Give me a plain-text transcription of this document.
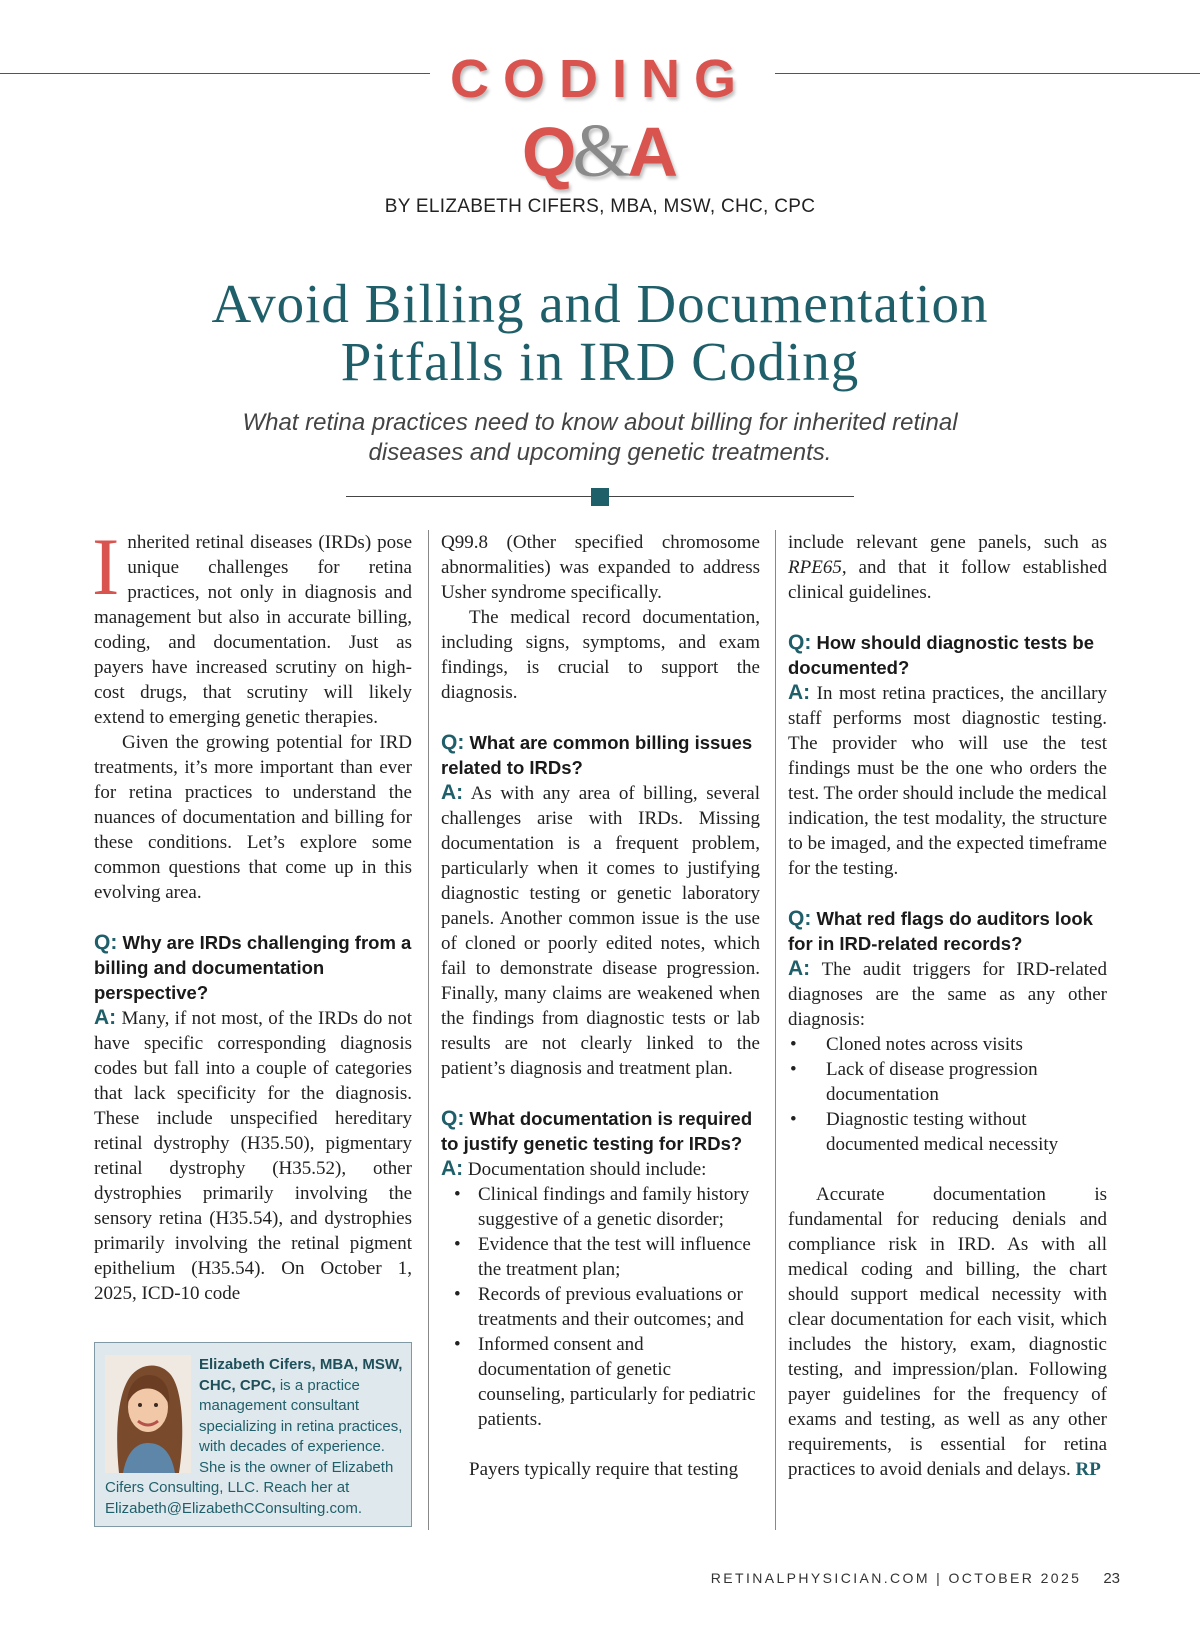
CODING
Q&A
BY ELIZABETH CIFERS, MBA, MSW, CHC, CPC
Avoid Billing and Documentation
Pitfalls in IRD Coding
What retina practices need to know about billing for inherited retinal diseases and upcoming genetic treatments.

Inherited retinal diseases (IRDs) pose unique challenges for retina practices, not only in diagnosis and management but also in accurate billing, coding, and documentation. Just as payers have increased scrutiny on high-cost drugs, that scrutiny will likely extend to emerging genetic therapies.

Given the growing potential for IRD treatments, it’s more important than ever for retina practices to understand the nuances of documentation and billing for these conditions. Let’s explore some common questions that come up in this evolving area.

Q: Why are IRDs challenging from a billing and documentation perspective?

A: Many, if not most, of the IRDs do not have specific corresponding diagnosis codes but fall into a couple of categories that lack specificity for the diagnosis. These include unspecified hereditary retinal dystrophy (H35.50), pigmentary retinal dystrophy (H35.52), other dystrophies primarily involving the sensory retina (H35.54), and dystrophies primarily involving the retinal pigment epithelium (H35.54). On October 1, 2025, ICD-10 code

Elizabeth Cifers, MBA, MSW, CHC, CPC, is a practice management consultant specializing in retina practices, with decades of experience. She is the owner of Elizabeth Cifers Consulting, LLC. Reach her at Elizabeth@ElizabethCConsulting.com.

Q99.8 (Other specified chromosome abnormalities) was expanded to address Usher syndrome specifically.

The medical record documentation, including signs, symptoms, and exam findings, is crucial to support the diagnosis.

Q: What are common billing issues related to IRDs?

A: As with any area of billing, several challenges arise with IRDs. Missing documentation is a frequent problem, particularly when it comes to justifying diagnostic testing or genetic laboratory panels. Another common issue is the use of cloned or poorly edited notes, which fail to demonstrate disease progression. Finally, many claims are weakened when the findings from diagnostic tests or lab results are not clearly linked to the patient’s diagnosis and treatment plan.

Q: What documentation is required to justify genetic testing for IRDs?

A: Documentation should include:

• Clinical findings and family history suggestive of a genetic disorder;
• Evidence that the test will influence the treatment plan;
• Records of previous evaluations or treatments and their outcomes; and
• Informed consent and documentation of genetic counseling, particularly for pediatric patients.

Payers typically require that testing

include relevant gene panels, such as RPE65, and that it follow established clinical guidelines.

Q: How should diagnostic tests be documented?

A: In most retina practices, the ancillary staff performs most diagnostic testing. The provider who will use the test findings must be the one who orders the test. The order should include the medical indication, the test modality, the structure to be imaged, and the expected timeframe for the testing.

Q: What red flags do auditors look for in IRD-related records?

A: The audit triggers for IRD-related diagnoses are the same as any other diagnosis:

• Cloned notes across visits
• Lack of disease progression documentation
• Diagnostic testing without documented medical necessity

Accurate documentation is fundamental for reducing denials and compliance risk in IRD. As with all medical coding and billing, the chart should support medical necessity with clear documentation for each visit, which includes the history, exam, diagnostic testing, and impression/plan. Following payer guidelines for the frequency of exams and testing, as well as any other requirements, is essential for retina practices to avoid denials and delays. RP

RETINALPHYSICIAN.COM | OCTOBER 2025 23
